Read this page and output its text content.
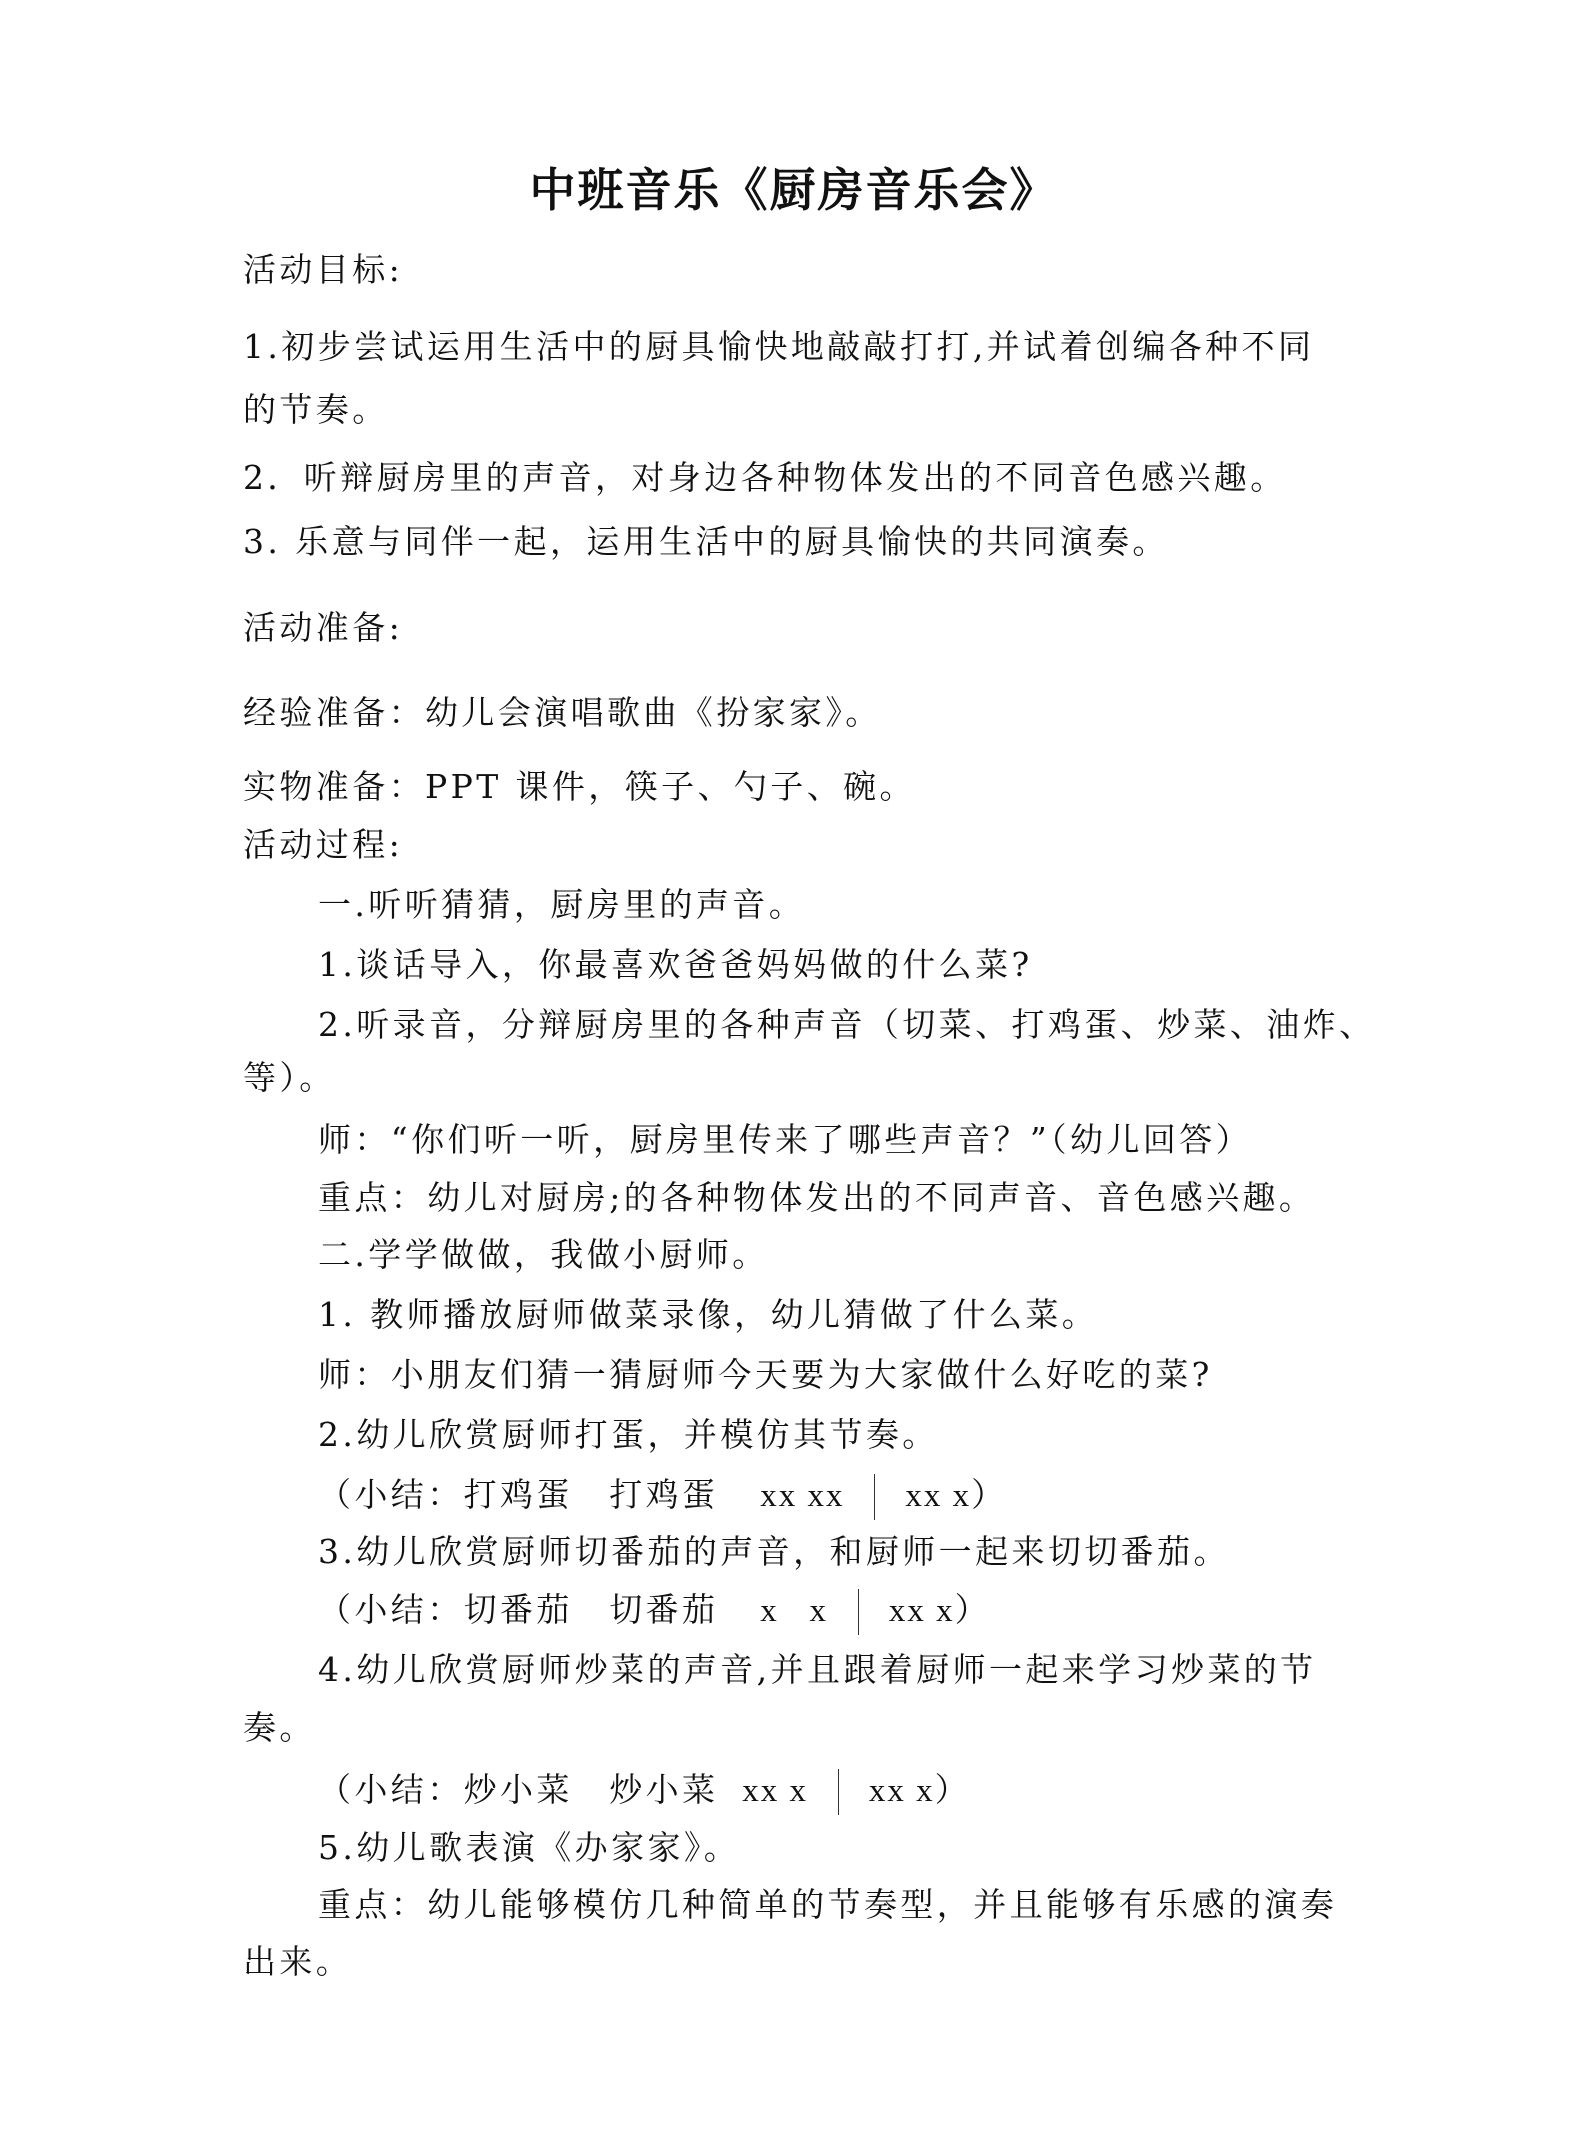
中班音乐《厨房音乐会》
活动目标:
1.初步尝试运用生活中的厨具愉快地敲敲打打,并试着创编各种不同
的节奏。
2．听辩厨房里的声音，对身边各种物体发出的不同音色感兴趣。
3. 乐意与同伴一起，运用生活中的厨具愉快的共同演奏。
活动准备:
经验准备：幼儿会演唱歌曲《扮家家》。
实物准备：PPT 课件，筷子、勺子、碗。
活动过程:
一.听听猜猜，厨房里的声音。
1.谈话导入，你最喜欢爸爸妈妈做的什么菜?
2.听录音，分辩厨房里的各种声音（切菜、打鸡蛋、炒菜、油炸、
等）。
师：“你们听一听，厨房里传来了哪些声音？”（幼儿回答）
重点：幼儿对厨房;的各种物体发出的不同声音、音色感兴趣。
二.学学做做，我做小厨师。
1. 教师播放厨师做菜录像，幼儿猜做了什么菜。
师：小朋友们猜一猜厨师今天要为大家做什么好吃的菜?
2.幼儿欣赏厨师打蛋，并模仿其节奏。
（小结：打鸡蛋　打鸡蛋 xx xx xx x）
3.幼儿欣赏厨师切番茄的声音，和厨师一起来切切番茄。
（小结：切番茄　切番茄 x   x xx x）
4.幼儿欣赏厨师炒菜的声音,并且跟着厨师一起来学习炒菜的节
奏。
（小结：炒小菜　炒小菜 xx x xx x）
5.幼儿歌表演《办家家》。
重点：幼儿能够模仿几种简单的节奏型，并且能够有乐感的演奏
出来。
